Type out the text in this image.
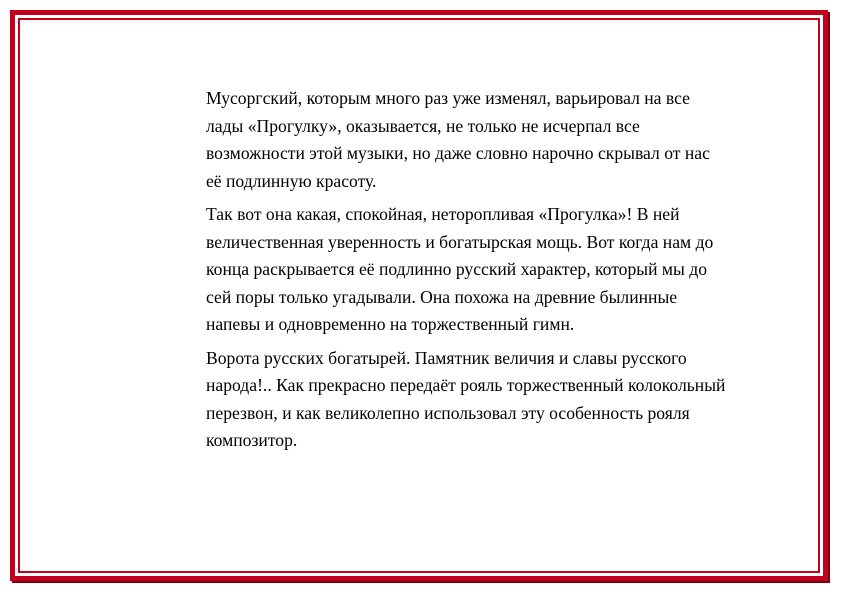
Мусоргский, которым много раз уже изменял, варьировал на все лады «Прогулку», оказывается, не только не исчерпал все возможности этой музыки, но даже словно нарочно скрывал от нас её подлинную красоту.

Так вот она какая, спокойная, неторопливая «Прогулка»! В ней величественная уверенность и богатырская мощь. Вот когда нам до конца раскрывается её подлинно русский характер, который мы до сей поры только угадывали. Она похожа на древние былинные напевы и одновременно на торжественный гимн.

Ворота русских богатырей. Памятник величия и славы русского народа!.. Как прекрасно передаёт рояль торжественный колокольный перезвон, и как великолепно использовал эту особенность рояля композитор.
